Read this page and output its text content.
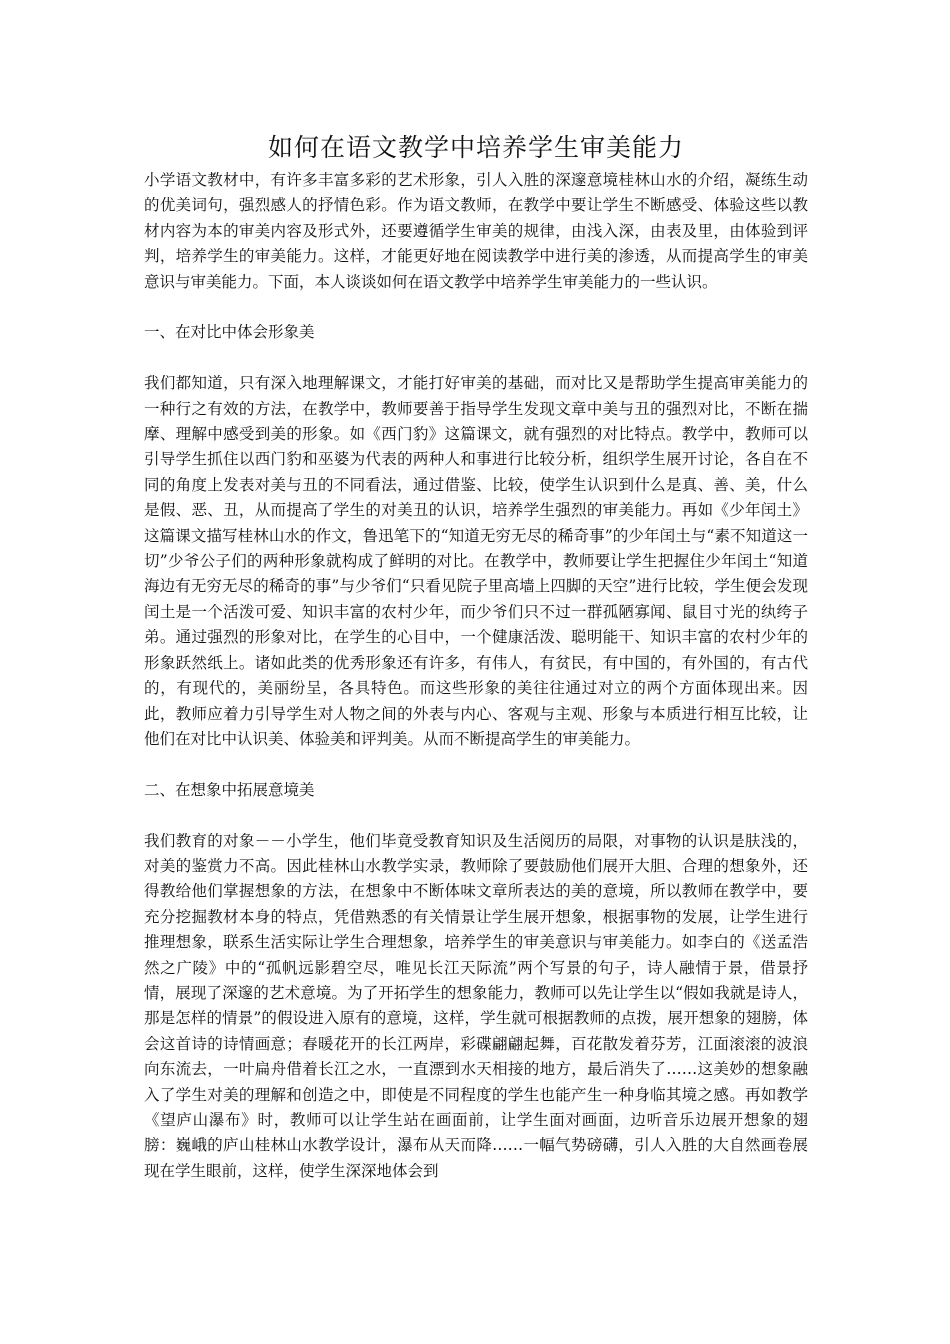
如何在语文教学中培养学生审美能力

小学语文教材中，有许多丰富多彩的艺术形象，引人入胜的深邃意境桂林山水的介绍，凝练生动的优美词句，强烈感人的抒情色彩。作为语文教师，在教学中要让学生不断感受、体验这些以教材内容为本的审美内容及形式外，还要遵循学生审美的规律，由浅入深，由表及里，由体验到评判，培养学生的审美能力。这样，才能更好地在阅读教学中进行美的渗透，从而提高学生的审美意识与审美能力。下面，本人谈谈如何在语文教学中培养学生审美能力的一些认识。

一、在对比中体会形象美

我们都知道，只有深入地理解课文，才能打好审美的基础，而对比又是帮助学生提高审美能力的一种行之有效的方法，在教学中，教师要善于指导学生发现文章中美与丑的强烈对比，不断在揣摩、理解中感受到美的形象。如《西门豹》这篇课文，就有强烈的对比特点。教学中，教师可以引导学生抓住以西门豹和巫婆为代表的两种人和事进行比较分析，组织学生展开讨论，各自在不同的角度上发表对美与丑的不同看法，通过借鉴、比较，使学生认识到什么是真、善、美，什么是假、恶、丑，从而提高了学生的对美丑的认识，培养学生强烈的审美能力。再如《少年闰土》这篇课文描写桂林山水的作文，鲁迅笔下的“知道无穷无尽的稀奇事”的少年闰土与“素不知道这一切”少爷公子们的两种形象就构成了鲜明的对比。在教学中，教师要让学生把握住少年闰土“知道海边有无穷无尽的稀奇的事”与少爷们“只看见院子里高墙上四脚的天空”进行比较，学生便会发现闰土是一个活泼可爱、知识丰富的农村少年，而少爷们只不过一群孤陋寡闻、鼠目寸光的纨绔子弟。通过强烈的形象对比，在学生的心目中，一个健康活泼、聪明能干、知识丰富的农村少年的形象跃然纸上。诸如此类的优秀形象还有许多，有伟人，有贫民，有中国的，有外国的，有古代的，有现代的，美丽纷呈，各具特色。而这些形象的美往往通过对立的两个方面体现出来。因此，教师应着力引导学生对人物之间的外表与内心、客观与主观、形象与本质进行相互比较，让他们在对比中认识美、体验美和评判美。从而不断提高学生的审美能力。

二、在想象中拓展意境美

我们教育的对象－－小学生，他们毕竟受教育知识及生活阅历的局限，对事物的认识是肤浅的，对美的鉴赏力不高。因此桂林山水教学实录，教师除了要鼓励他们展开大胆、合理的想象外，还得教给他们掌握想象的方法，在想象中不断体味文章所表达的美的意境，所以教师在教学中，要充分挖掘教材本身的特点，凭借熟悉的有关情景让学生展开想象，根据事物的发展，让学生进行推理想象，联系生活实际让学生合理想象，培养学生的审美意识与审美能力。如李白的《送孟浩然之广陵》中的“孤帆远影碧空尽，唯见长江天际流”两个写景的句子，诗人融情于景，借景抒情，展现了深邃的艺术意境。为了开拓学生的想象能力，教师可以先让学生以“假如我就是诗人，那是怎样的情景”的假设进入原有的意境，这样，学生就可根据教师的点拨，展开想象的翅膀，体会这首诗的诗情画意；春暖花开的长江两岸，彩碟翩翩起舞，百花散发着芬芳，江面滚滚的波浪向东流去，一叶扁舟借着长江之水，一直漂到水天相接的地方，最后消失了……这美妙的想象融入了学生对美的理解和创造之中，即使是不同程度的学生也能产生一种身临其境之感。再如教学《望庐山瀑布》时，教师可以让学生站在画面前，让学生面对画面，边听音乐边展开想象的翅膀：巍峨的庐山桂林山水教学设计，瀑布从天而降……一幅气势磅礴，引人入胜的大自然画卷展现在学生眼前，这样，使学生深深地体会到
